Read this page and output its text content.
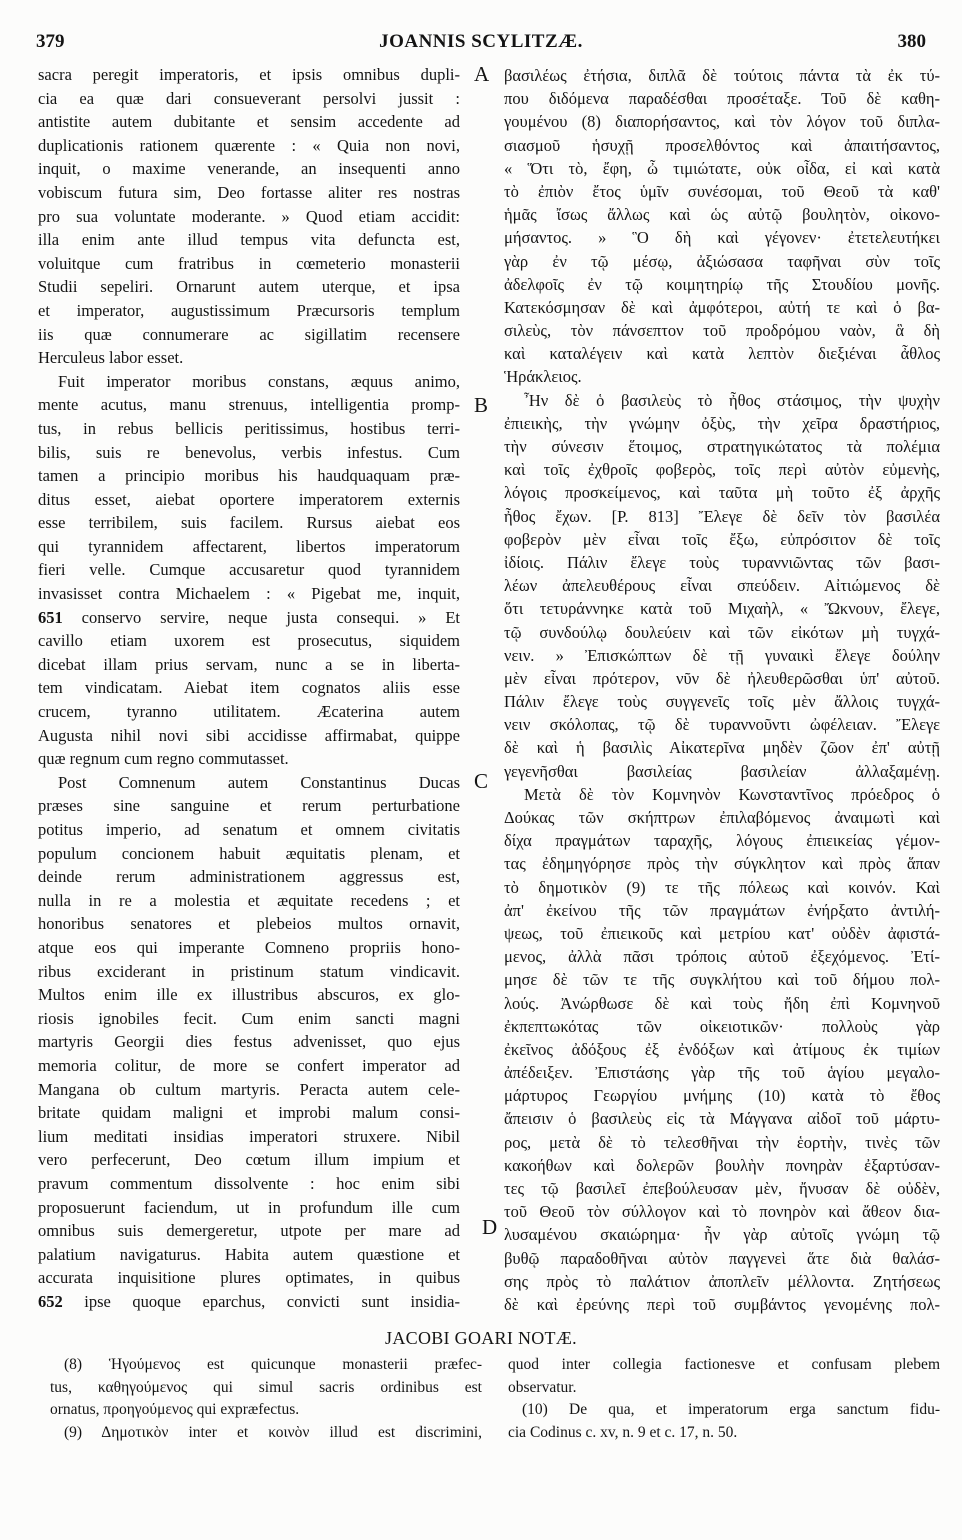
379	JOANNIS SCYLITZÆ.	380
sacra peregit imperatoris, et ipsis omnibus dupli-
cia ea quæ dari consueverant persolvi jussit :
antistite autem dubitante et sensim accedente ad
duplicationis rationem quærente : « Quia non novi,
inquit, o maxime venerande, an insequenti anno
vobiscum futura sim, Deo fortasse aliter res nostras
pro sua voluntate moderante. » Quod etiam accidit:
illa enim ante illud tempus vita defuncta est,
voluitque cum fratribus in cœmeterio monasterii
Studii sepeliri. Ornarunt autem uterque, et ipsa
et imperator, augustissimum Præcursoris templum
iis quæ connumerare ac sigillatim recensere
Herculeus labor esset.
Fuit imperator moribus constans, æquus animo,
mente acutus, manu strenuus, intelligentia promp-
tus, in rebus bellicis peritissimus, hostibus terri-
bilis, suis re benevolus, verbis infestus. Cum
tamen a principio moribus his haudquaquam præ-
ditus esset, aiebat oportere imperatorem externis
esse terribilem, suis facilem. Rursus aiebat eos
qui tyrannidem affectarent, libertos imperatorum
fieri velle. Cumque accusaretur quod tyrannidem
invasisset contra Michaelem : « Pigebat me, inquit,
651 conservo servire, neque justa consequi. » Et
cavillo etiam uxorem est prosecutus, siquidem
dicebat illam prius servam, nunc a se in liberta-
tem vindicatam. Aiebat item cognatos aliis esse
crucem, tyranno utilitatem. Æcaterina autem
Augusta nihil novi sibi accidisse affirmabat, quippe
quæ regnum cum regno commutasset.
Post Comnenum autem Constantinus Ducas
præses sine sanguine et rerum perturbatione
potitus imperio, ad senatum et omnem civitatis
populum concionem habuit æquitatis plenam, et
deinde rerum administrationem aggressus est,
nulla in re a molestia et æquitate recedens ; et
honoribus senatores et plebeios multos ornavit,
atque eos qui imperante Comneno propriis hono-
ribus exciderant in pristinum statum vindicavit.
Multos enim ille ex illustribus abscuros, ex glo-
riosis ignobiles fecit. Cum enim sancti magni
martyris Georgii dies festus advenisset, quo ejus
memoria colitur, de more se confert imperator ad
Mangana ob cultum martyris. Peracta autem cele-
britate quidam maligni et improbi malum consi-
lium meditati insidias imperatori struxere. Nibil
vero perfecerunt, Deo cœtum illum impium et
pravum commentum dissolvente : hoc enim sibi
proposuerunt faciendum, ut in profundum ille cum
omnibus suis demergeretur, utpote per mare ad
palatium navigaturus. Habita autem quæstione et
accurata inquisitione plures optimates, in quibus
652 ipse quoque eparchus, convicti sunt insidia-
βασιλέως ἐτήσια, διπλᾶ δὲ τούτοις πάντα τὰ ἐκ τύ-
που διδόμενα παραδέσθαι προσέταξε. Τοῦ δὲ καθη-
γουμένου (8) διαπορήσαντος, καὶ τὸν λόγον τοῦ διπλα-
σιασμοῦ ἡσυχῇ προσελθόντος καὶ ἀπαιτήσαντος,
« Ὅτι τὸ, ἔφη, ὦ τιμιώτατε, οὐκ οἶδα, εἰ καὶ κατὰ
τὸ ἐπιὸν ἔτος ὑμῖν συνέσομαι, τοῦ Θεοῦ τὰ καθ'
ἡμᾶς ἴσως ἄλλως καὶ ὡς αὐτῷ βουλητὸν, οἰκονο-
μήσαντος. » Ὃ δὴ καὶ γέγονεν· ἐτετελευτήκει
γὰρ ἐν τῷ μέσῳ, ἀξιώσασα ταφῆναι σὺν τοῖς
ἀδελφοῖς ἐν τῷ κοιμητηρίῳ τῆς Στουδίου μονῆς.
Κατεκόσμησαν δὲ καὶ ἀμφότεροι, αὐτή τε καὶ ὁ βα-
σιλεὺς, τὸν πάνσεπτον τοῦ προδρόμου ναὸν, ἃ δὴ
καὶ καταλέγειν καὶ κατὰ λεπτὸν διεξιέναι ἆθλος
Ἡράκλειος.
Ἦν δὲ ὁ βασιλεὺς τὸ ἦθος στάσιμος, τὴν ψυχὴν
ἐπιεικὴς, τὴν γνώμην ὀξὺς, τὴν χεῖρα δραστήριος,
τὴν σύνεσιν ἕτοιμος, στρατηγικώτατος τὰ πολέμια
καὶ τοῖς ἐχθροῖς φοβερὸς, τοῖς περὶ αὐτὸν εὐμενὴς,
λόγοις προσκείμενος, καὶ ταῦτα μὴ τοῦτο ἐξ ἀρχῆς
ἦθος ἔχων. [P. 813] Ἔλεγε δὲ δεῖν τὸν βασιλέα
φοβερὸν μὲν εἶναι τοῖς ἔξω, εὐπρόσιτον δὲ τοῖς
ἰδίοις. Πάλιν ἔλεγε τοὺς τυραννιῶντας τῶν βασι-
λέων ἀπελευθέρους εἶναι σπεύδειν. Αἰτιώμενος δὲ
ὅτι τετυράννηκε κατὰ τοῦ Μιχαὴλ, « Ὤκνουν, ἔλεγε,
τῷ συνδούλῳ δουλεύειν καὶ τῶν εἰκότων μὴ τυγχά-
νειν. » Ἐπισκώπτων δὲ τῇ γυναικὶ ἔλεγε δούλην
μὲν εἶναι πρότερον, νῦν δὲ ἠλευθερῶσθαι ὑπ' αὐτοῦ.
Πάλιν ἔλεγε τοὺς συγγενεῖς τοῖς μὲν ἄλλοις τυγχά-
νειν σκόλοπας, τῷ δὲ τυραννοῦντι ὠφέλειαν. Ἔλεγε
δὲ καὶ ἡ βασιλὶς Αἰκατερῖνα μηδὲν ζῶον ἐπ' αὐτῇ
γεγενῆσθαι βασιλείας βασιλείαν ἀλλαξαμένῃ.
Μετὰ δὲ τὸν Κομνηνὸν Κωνσταντῖνος πρόεδρος ὁ
Δούκας τῶν σκήπτρων ἐπιλαβόμενος ἀναιμωτὶ καὶ
δίχα πραγμάτων ταραχῆς, λόγους ἐπιεικείας γέμον-
τας ἐδημηγόρησε πρὸς τὴν σύγκλητον καὶ πρὸς ἅπαν
τὸ δημοτικὸν (9) τε τῆς πόλεως καὶ κοινόν. Καὶ
ἀπ' ἐκείνου τῆς τῶν πραγμάτων ἐνήρξατο ἀντιλή-
ψεως, τοῦ ἐπιεικοῦς καὶ μετρίου κατ' οὐδὲν ἀφιστά-
μενος, ἀλλὰ πᾶσι τρόποις αὐτοῦ ἐξεχόμενος. Ἐτί-
μησε δὲ τῶν τε τῆς συγκλήτου καὶ τοῦ δήμου πολ-
λούς. Ἀνώρθωσε δὲ καὶ τοὺς ἤδη ἐπὶ Κομνηνοῦ
ἐκπεπτωκότας τῶν οἰκειοτικῶν· πολλοὺς γὰρ
ἐκεῖνος ἀδόξους ἐξ ἐνδόξων καὶ ἀτίμους ἐκ τιμίων
ἀπέδειξεν. Ἐπιστάσης γὰρ τῆς τοῦ ἁγίου μεγαλο-
μάρτυρος Γεωργίου μνήμης (10) κατὰ τὸ ἔθος
ἄπεισιν ὁ βασιλεὺς εἰς τὰ Μάγγανα αἰδοῖ τοῦ μάρτυ-
ρος, μετὰ δὲ τὸ τελεσθῆναι τὴν ἑορτὴν, τινὲς τῶν
κακοήθων καὶ δολερῶν βουλὴν πονηρὰν ἐξαρτύσαν-
τες τῷ βασιλεῖ ἐπεβούλευσαν μὲν, ἤνυσαν δὲ οὐδὲν,
τοῦ Θεοῦ τὸν σύλλογον καὶ τὸ πονηρὸν καὶ ἄθεον δια-
λυσαμένου σκαιώρημα· ἦν γὰρ αὐτοῖς γνώμη τῷ
βυθῷ παραδοθῆναι αὐτὸν παγγενεὶ ἅτε διὰ θαλάσ-
σης πρὸς τὸ παλάτιον ἀποπλεῖν μέλλοντα. Ζητήσεως
δὲ καὶ ἐρεύνης περὶ τοῦ συμβάντος γενομένης πολ-
A
B
C
D
JACOBI GOARI NOTÆ.
(8) Ἡγούμενος est quicunque monasterii præfec-
tus, καθηγούμενος qui simul sacris ordinibus est
ornatus, προηγούμενος qui expræfectus.
(9) Δημοτικὸν inter et κοινὸν illud est discrimini,
quod inter collegia factionesve et confusam plebem
observatur.
(10) De qua, et imperatorum erga sanctum fidu-
cia Codinus c. xv, n. 9 et c. 17, n. 50.
